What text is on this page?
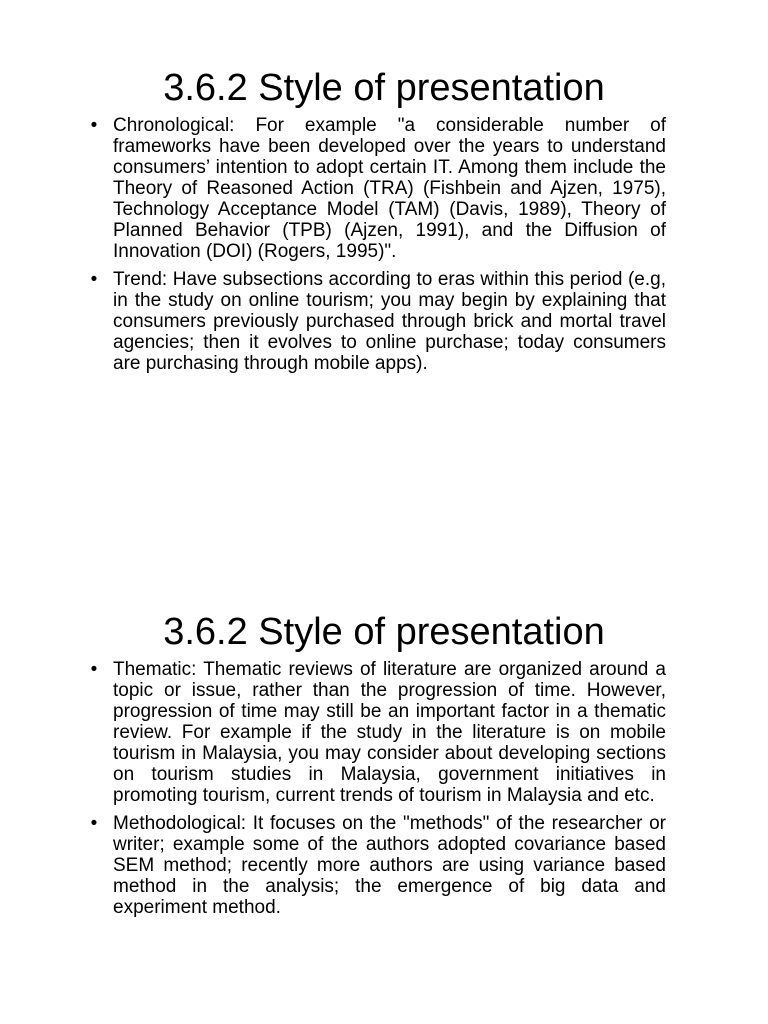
3.6.2 Style of presentation
• Chronological: For example "a considerable number of frameworks have been developed over the years to understand consumers’ intention to adopt certain IT. Among them include the Theory of Reasoned Action (TRA) (Fishbein and Ajzen, 1975), Technology Acceptance Model (TAM) (Davis, 1989), Theory of Planned Behavior (TPB) (Ajzen, 1991), and the Diffusion of Innovation (DOI) (Rogers, 1995)".
• Trend: Have subsections according to eras within this period (e.g, in the study on online tourism; you may begin by explaining that consumers previously purchased through brick and mortal travel agencies; then it evolves to online purchase; today consumers are purchasing through mobile apps).
3.6.2 Style of presentation
• Thematic: Thematic reviews of literature are organized around a topic or issue, rather than the progression of time. However, progression of time may still be an important factor in a thematic review. For example if the study in the literature is on mobile tourism in Malaysia, you may consider about developing sections on tourism studies in Malaysia, government initiatives in promoting tourism, current trends of tourism in Malaysia and etc.
• Methodological: It focuses on the "methods" of the researcher or writer; example some of the authors adopted covariance based SEM method; recently more authors are using variance based method in the analysis; the emergence of big data and experiment method.
